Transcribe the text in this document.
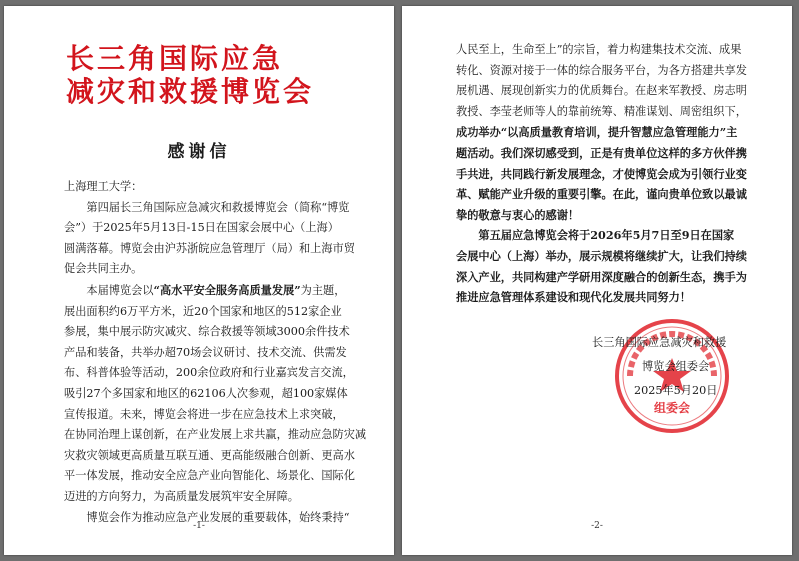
长三角国际应急
减灾和救援博览会
感谢信
上海理工大学：
　　第四届长三角国际应急减灾和救援博览会（简称“博览
会”）于2025年5月13日-15日在国家会展中心（上海）
圆满落幕。博览会由沪苏浙皖应急管理厅（局）和上海市贸
促会共同主办。
　　本届博览会以“高水平安全服务高质量发展”为主题，
展出面积约6万平方米，近20个国家和地区的512家企业
参展，集中展示防灾减灾、综合救援等领域3000余件技术
产品和装备，共举办超70场会议研讨、技术交流、供需发
布、科普体验等活动，200余位政府和行业嘉宾发言交流，
吸引27个多国家和地区的62106人次参观，超100家媒体
宣传报道。未来，博览会将进一步在应急技术上求突破，
在协同治理上谋创新，在产业发展上求共赢，推动应急防灾减
灾救灾领域更高质量互联互通、更高能级融合创新、更高水
平一体发展，推动安全应急产业向智能化、场景化、国际化
迈进的方向努力，为高质量发展筑牢安全屏障。
　　博览会作为推动应急产业发展的重要载体，始终秉持“
-1-
人民至上，生命至上”的宗旨，着力构建集技术交流、成果
转化、资源对接于一体的综合服务平台，为各方搭建共享发
展机遇、展现创新实力的优质舞台。在赵来军教授、房志明
教授、李莹老师等人的靠前统筹、精准谋划、周密组织下，
成功举办“以高质量教育培训，提升智慧应急管理能力”主
题活动。我们深切感受到，正是有贵单位这样的多方伙伴携
手共进，共同践行新发展理念，才使博览会成为引领行业变
革、赋能产业升级的重要引擎。在此，谨向贵单位致以最诚
挚的敬意与衷心的感谢！
　　第五届应急博览会将于2026年5月7日至9日在国家
会展中心（上海）举办，展示规模将继续扩大，让我们持续
深入产业，共同构建产学研用深度融合的创新生态，携手为
推进应急管理体系建设和现代化发展共同努力！
组委会
长三角国际应急减灾和救援
博览会组委会
2025年5月20日
-2-
